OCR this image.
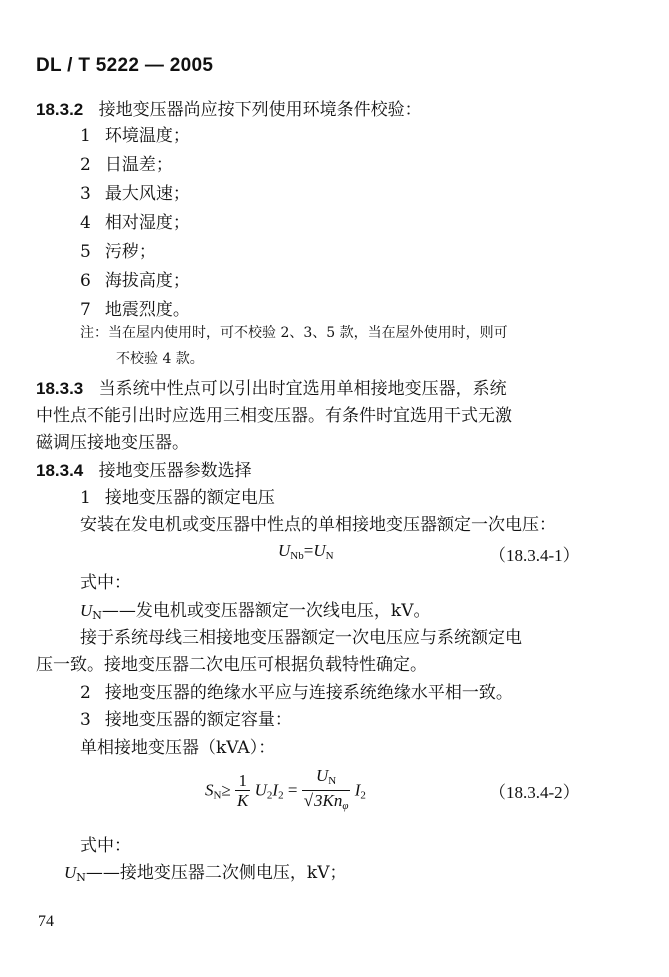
DL / T 5222 — 2005
18.3.2 接地变压器尚应按下列使用环境条件校验：
1 环境温度；
2 日温差；
3 最大风速；
4 相对湿度；
5 污秽；
6 海拔高度；
7 地震烈度。
注：当在屋内使用时，可不校验 2、3、5 款，当在屋外使用时，则可
不校验 4 款。
18.3.3 当系统中性点可以引出时宜选用单相接地变压器，系统
中性点不能引出时应选用三相变压器。有条件时宜选用干式无激
磁调压接地变压器。
18.3.4 接地变压器参数选择
1 接地变压器的额定电压
安装在发电机或变压器中性点的单相接地变压器额定一次电压：
$U_{Nb}=U_N$	（18.3.4-1）
式中：
$U_N——$发电机或变压器额定一次线电压，kV。
接于系统母线三相接地变压器额定一次电压应与系统额定电
压一致。接地变压器二次电压可根据负载特性确定。
2 接地变压器的绝缘水平应与连接系统绝缘水平相一致。
3 接地变压器的额定容量：
单相接地变压器（kVA）：
$S_N\ge \frac{1}{K} U_2I_2 = \frac{U_N}{√3Kn_\varphi} I_2$	（18.3.4-2）
式中：
$U_N——$接地变压器二次侧电压，kV；
74
